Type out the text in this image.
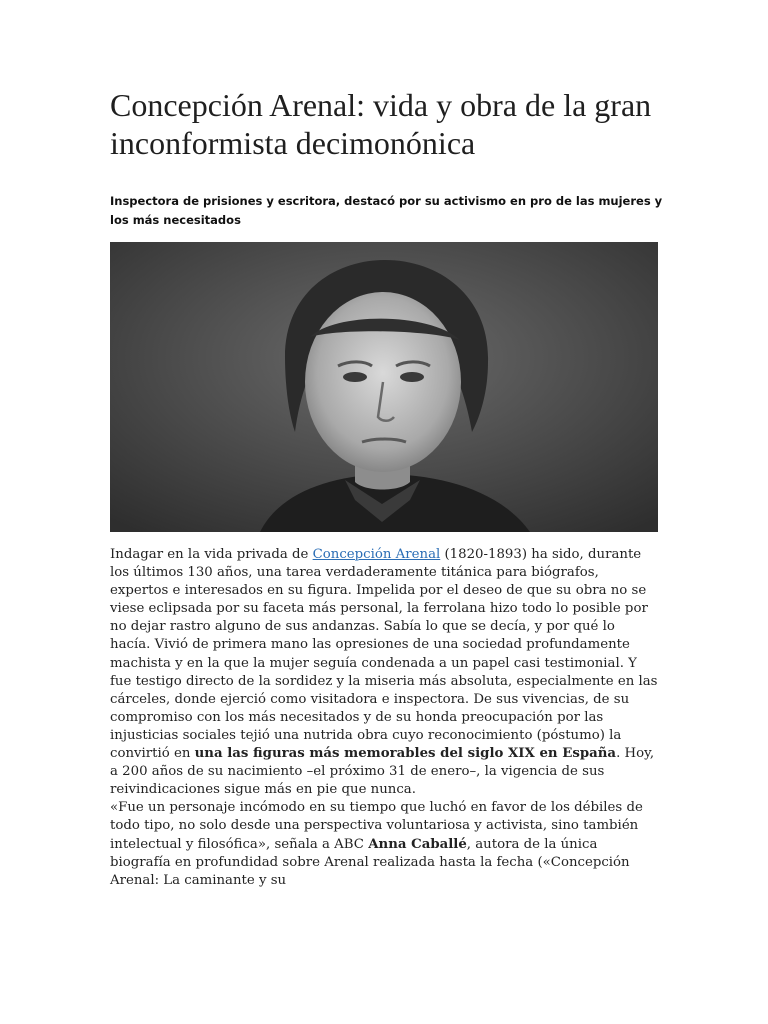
Concepción Arenal: vida y obra de la gran inconformista decimonónica

Inspectora de prisiones y escritora, destacó por su activismo en pro de las mujeres y los más necesitados

Indagar en la vida privada de Concepción Arenal (1820-1893) ha sido, durante los últimos 130 años, una tarea verdaderamente titánica para biógrafos, expertos e interesados en su figura. Impelida por el deseo de que su obra no se viese eclipsada por su faceta más personal, la ferrolana hizo todo lo posible por no dejar rastro alguno de sus andanzas. Sabía lo que se decía, y por qué lo hacía. Vivió de primera mano las opresiones de una sociedad profundamente machista y en la que la mujer seguía condenada a un papel casi testimonial. Y fue testigo directo de la sordidez y la miseria más absoluta, especialmente en las cárceles, donde ejerció como visitadora e inspectora. De sus vivencias, de su compromiso con los más necesitados y de su honda preocupación por las injusticias sociales tejió una nutrida obra cuyo reconocimiento (póstumo) la convirtió en una las figuras más memorables del siglo XIX en España. Hoy, a 200 años de su nacimiento –el próximo 31 de enero–, la vigencia de sus reivindicaciones sigue más en pie que nunca.

«Fue un personaje incómodo en su tiempo que luchó en favor de los débiles de todo tipo, no solo desde una perspectiva voluntariosa y activista, sino también intelectual y filosófica», señala a ABC Anna Caballé, autora de la única biografía en profundidad sobre Arenal realizada hasta la fecha («Concepción Arenal: La caminante y su
